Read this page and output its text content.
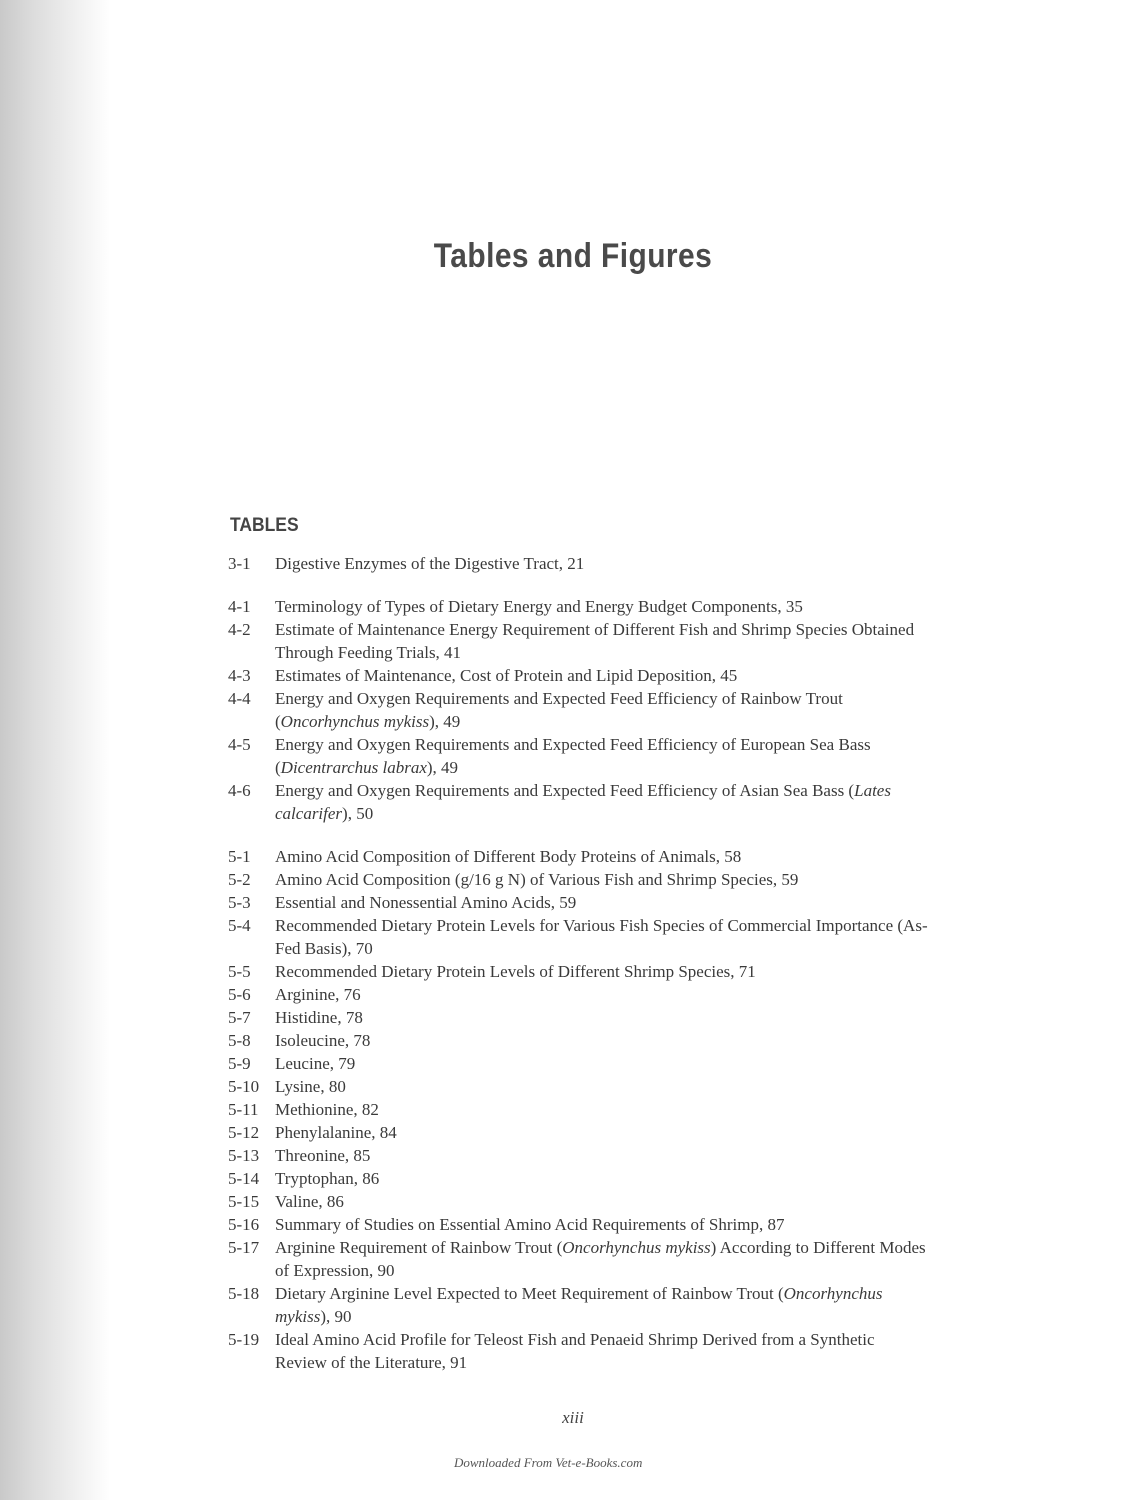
Tables and Figures
TABLES
3-1	Digestive Enzymes of the Digestive Tract, 21
4-1	Terminology of Types of Dietary Energy and Energy Budget Components, 35
4-2	Estimate of Maintenance Energy Requirement of Different Fish and Shrimp Species Obtained Through Feeding Trials, 41
4-3	Estimates of Maintenance, Cost of Protein and Lipid Deposition, 45
4-4	Energy and Oxygen Requirements and Expected Feed Efficiency of Rainbow Trout (Oncorhynchus mykiss), 49
4-5	Energy and Oxygen Requirements and Expected Feed Efficiency of European Sea Bass (Dicentrarchus labrax), 49
4-6	Energy and Oxygen Requirements and Expected Feed Efficiency of Asian Sea Bass (Lates calcarifer), 50
5-1	Amino Acid Composition of Different Body Proteins of Animals, 58
5-2	Amino Acid Composition (g/16 g N) of Various Fish and Shrimp Species, 59
5-3	Essential and Nonessential Amino Acids, 59
5-4	Recommended Dietary Protein Levels for Various Fish Species of Commercial Importance (As-Fed Basis), 70
5-5	Recommended Dietary Protein Levels of Different Shrimp Species, 71
5-6	Arginine, 76
5-7	Histidine, 78
5-8	Isoleucine, 78
5-9	Leucine, 79
5-10 Lysine, 80
5-11 Methionine, 82
5-12 Phenylalanine, 84
5-13 Threonine, 85
5-14 Tryptophan, 86
5-15 Valine, 86
5-16 Summary of Studies on Essential Amino Acid Requirements of Shrimp, 87
5-17 Arginine Requirement of Rainbow Trout (Oncorhynchus mykiss) According to Different Modes of Expression, 90
5-18 Dietary Arginine Level Expected to Meet Requirement of Rainbow Trout (Oncorhynchus mykiss), 90
5-19 Ideal Amino Acid Profile for Teleost Fish and Penaeid Shrimp Derived from a Synthetic Review of the Literature, 91
xiii
Downloaded From Vet-e-Books.com
